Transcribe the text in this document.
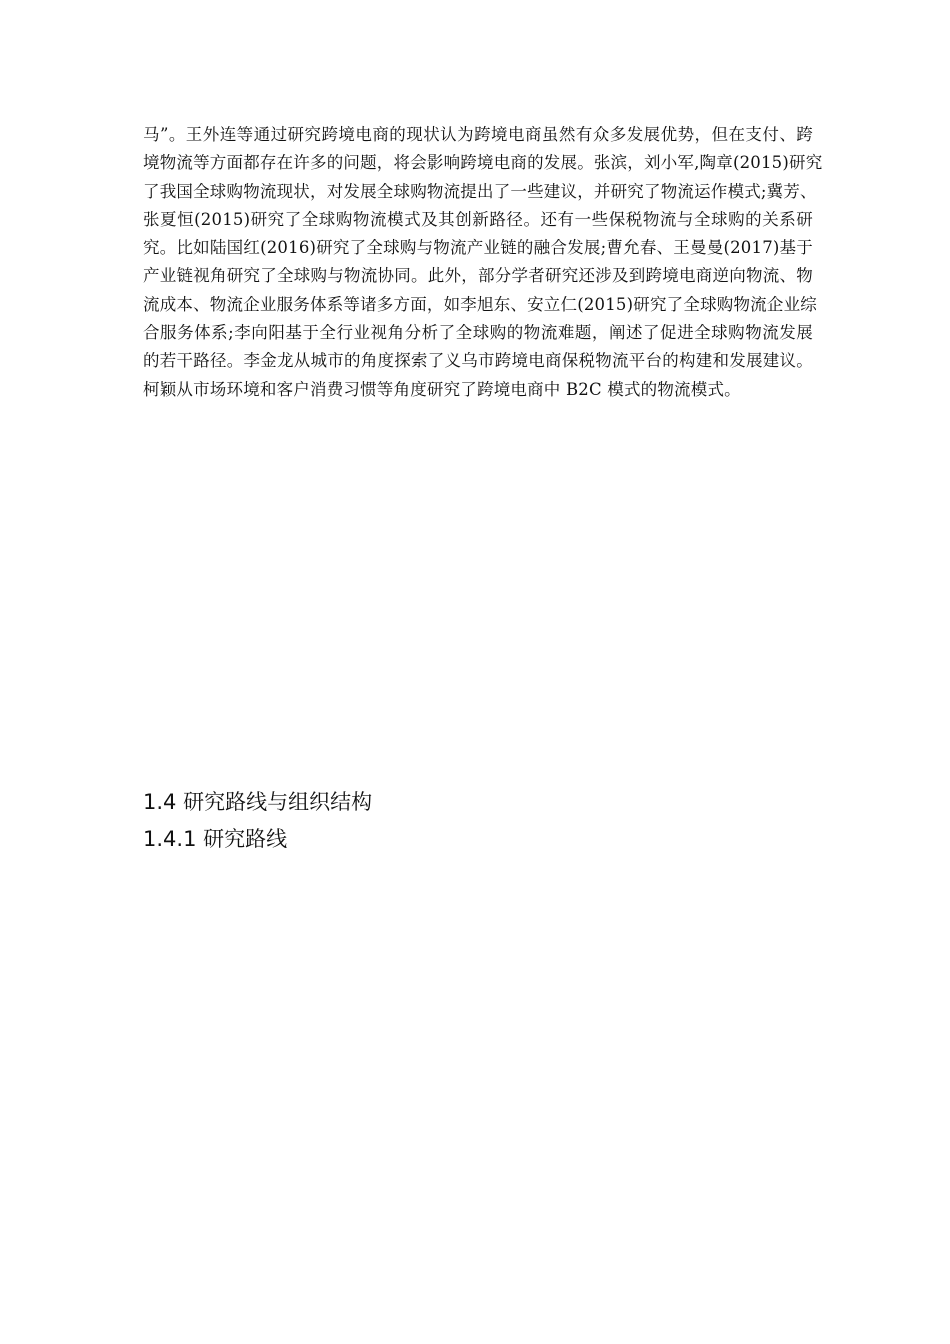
马”。王外连等通过研究跨境电商的现状认为跨境电商虽然有众多发展优势，但在支付、跨
境物流等方面都存在许多的问题，将会影响跨境电商的发展。张滨，刘小军,陶章(2015)研究
了我国全球购物流现状，对发展全球购物流提出了一些建议，并研究了物流运作模式;冀芳、
张夏恒(2015)研究了全球购物流模式及其创新路径。还有一些保税物流与全球购的关系研
究。比如陆国红(2016)研究了全球购与物流产业链的融合发展;曹允春、王曼曼(2017)基于
产业链视角研究了全球购与物流协同。此外，部分学者研究还涉及到跨境电商逆向物流、物
流成本、物流企业服务体系等诸多方面，如李旭东、安立仁(2015)研究了全球购物流企业综
合服务体系;李向阳基于全行业视角分析了全球购的物流难题，阐述了促进全球购物流发展
的若干路径。李金龙从城市的角度探索了义乌市跨境电商保税物流平台的构建和发展建议。
柯颖从市场环境和客户消费习惯等角度研究了跨境电商中 B2C 模式的物流模式。
1.4 研究路线与组织结构
1.4.1 研究路线
